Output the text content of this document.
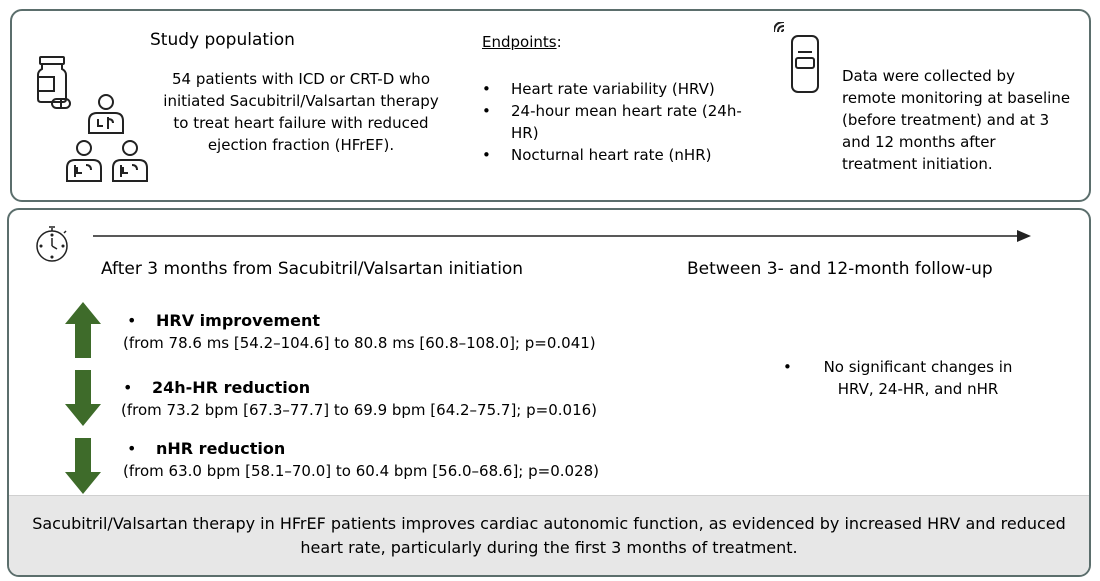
Study population
54 patients with ICD or CRT-D who initiated Sacubitril/Valsartan therapy to treat heart failure with reduced ejection fraction (HFrEF).
Endpoints:
• Heart rate variability (HRV)
• 24-hour mean heart rate (24h-HR)
• Nocturnal heart rate (nHR)
Data were collected by remote monitoring at baseline (before treatment) and at 3 and 12 months after treatment initiation.
After 3 months from Sacubitril/Valsartan initiation	Between 3- and 12-month follow-up
•	HRV improvement
(from 78.6 ms [54.2–104.6] to 80.8 ms [60.8–108.0]; p=0.041)
•	24h-HR reduction
(from 73.2 bpm [67.3–77.7] to 69.9 bpm [64.2–75.7]; p=0.016)
•	nHR reduction
(from 63.0 bpm [58.1–70.0] to 60.4 bpm [56.0–68.6]; p=0.028)
•	No significant changes in HRV, 24-HR, and nHR
Sacubitril/Valsartan therapy in HFrEF patients improves cardiac autonomic function, as evidenced by increased HRV and reduced heart rate, particularly during the first 3 months of treatment.
